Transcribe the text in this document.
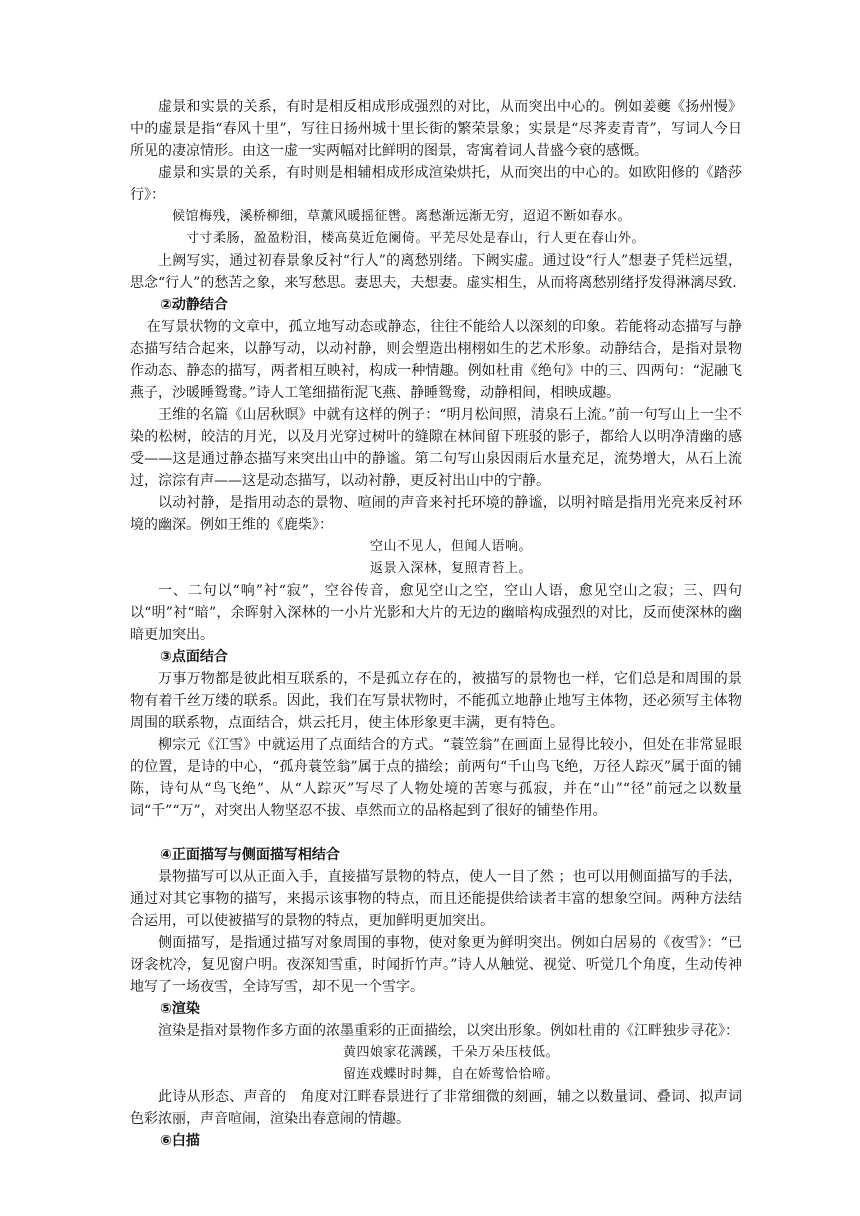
虚景和实景的关系，有时是相反相成形成强烈的对比，从而突出中心的。例如姜夔《扬州慢》中的虚景是指“春风十里”，写往日扬州城十里长街的繁荣景象；实景是“尽荠麦青青”，写词人今日所见的凄凉情形。由这一虚一实两幅对比鲜明的图景，寄寓着词人昔盛今衰的感慨。

虚景和实景的关系，有时则是相辅相成形成渲染烘托，从而突出的中心的。如欧阳修的《踏莎行》：

候馆梅残，溪桥柳细，草薰风暖摇征辔。离愁渐远渐无穷，迢迢不断如春水。

寸寸柔肠，盈盈粉泪，楼高莫近危阑倚。平芜尽处是春山，行人更在春山外。

上阙写实，通过初春景象反衬“行人”的离愁别绪。下阙实虚。通过设“行人”想妻子凭栏远望，思念“行人”的愁苦之象，来写愁思。妻思夫，夫想妻。虚实相生，从而将离愁别绪抒发得淋漓尽致.

②动静结合

在写景状物的文章中，孤立地写动态或静态，往往不能给人以深刻的印象。若能将动态描写与静态描写结合起来，以静写动，以动衬静，则会塑造出栩栩如生的艺术形象。动静结合，是指对景物作动态、静态的描写，两者相互映衬，构成一种情趣。例如杜甫《绝句》中的三、四两句：“泥融飞燕子，沙暖睡鸳鸯。”诗人工笔细描衔泥飞燕、静睡鸳鸯，动静相间，相映成趣。

王维的名篇《山居秋暝》中就有这样的例子：“明月松间照，清泉石上流。”前一句写山上一尘不染的松树，皎洁的月光，以及月光穿过树叶的缝隙在林间留下班驳的影子，都给人以明净清幽的感受——这是通过静态描写来突出山中的静谧。第二句写山泉因雨后水量充足，流势增大，从石上流过，淙淙有声——这是动态描写，以动衬静，更反衬出山中的宁静。

以动衬静，是指用动态的景物、喧闹的声音来衬托环境的静谧，以明衬暗是指用光亮来反衬环境的幽深。例如王维的《鹿柴》：

空山不见人，但闻人语响。

返景入深林，复照青苔上。

一、二句以“响”衬“寂”，空谷传音，愈见空山之空，空山人语，愈见空山之寂；三、四句以“明”衬“暗”，余晖射入深林的一小片光影和大片的无边的幽暗构成强烈的对比，反而使深林的幽暗更加突出。

③点面结合

万事万物都是彼此相互联系的，不是孤立存在的，被描写的景物也一样，它们总是和周围的景物有着千丝万缕的联系。因此，我们在写景状物时，不能孤立地静止地写主体物，还必须写主体物周围的联系物，点面结合，烘云托月，使主体形象更丰满，更有特色。

柳宗元《江雪》中就运用了点面结合的方式。“蓑笠翁”在画面上显得比较小，但处在非常显眼的位置，是诗的中心，“孤舟蓑笠翁”属于点的描绘；前两句“千山鸟飞绝，万径人踪灭”属于面的铺陈，诗句从“鸟飞绝”、从“人踪灭”写尽了人物处境的苦寒与孤寂，并在“山”“径”前冠之以数量词“千”“万”，对突出人物坚忍不拔、卓然而立的品格起到了很好的铺垫作用。

④正面描写与侧面描写相结合

景物描写可以从正面入手，直接描写景物的特点，使人一目了然 ；也可以用侧面描写的手法，通过对其它事物的描写，来揭示该事物的特点，而且还能提供给读者丰富的想象空间。两种方法结合运用，可以使被描写的景物的特点，更加鲜明更加突出。

侧面描写，是指通过描写对象周围的事物，使对象更为鲜明突出。例如白居易的《夜雪》：“已讶衾枕冷，复见窗户明。夜深知雪重，时闻折竹声。”诗人从触觉、视觉、听觉几个角度，生动传神地写了一场夜雪，全诗写雪，却不见一个雪字。

⑤渲染

渲染是指对景物作多方面的浓墨重彩的正面描绘，以突出形象。例如杜甫的《江畔独步寻花》：

黄四娘家花满蹊，千朵万朵压枝低。

留连戏蝶时时舞，自在娇莺恰恰啼。

此诗从形态、声音的　角度对江畔春景进行了非常细微的刻画，辅之以数量词、叠词、拟声词色彩浓丽，声音喧闹，渲染出春意闹的情趣。

⑥白描
